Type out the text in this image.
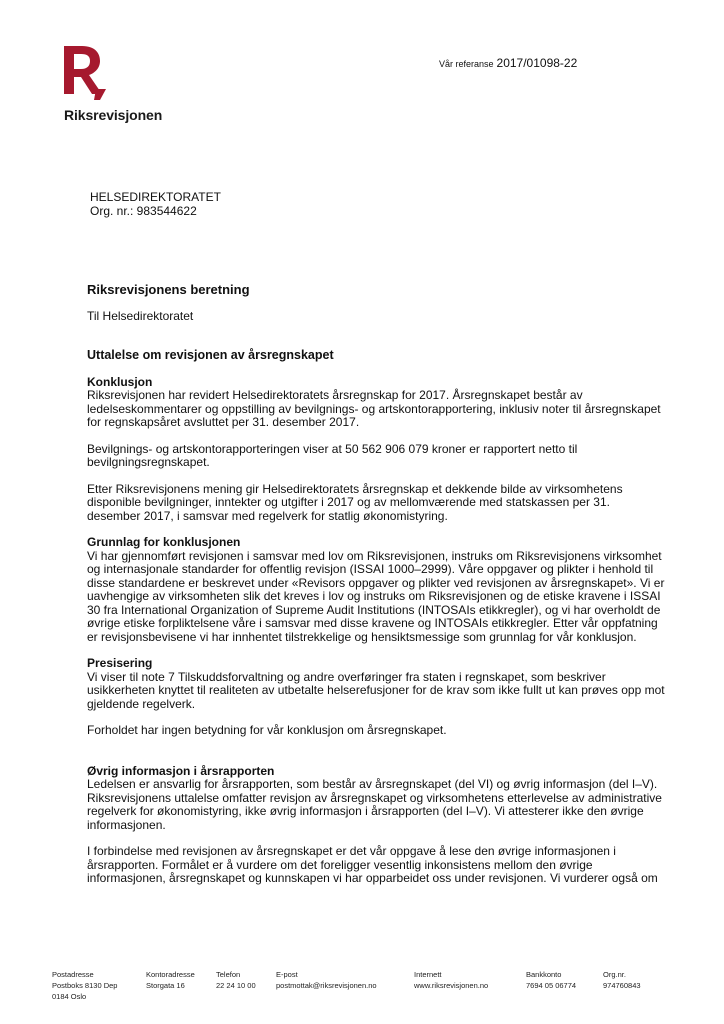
Riksrevisjonen
Vår referanse 2017/01098-22
HELSEDIREKTORATET
Org. nr.: 983544622

Riksrevisjonens beretning

Til Helsedirektoratet

Uttalelse om revisjonen av årsregnskapet

Konklusjon

Riksrevisjonen har revidert Helsedirektoratets årsregnskap for 2017. Årsregnskapet består av
ledelseskommentarer og oppstilling av bevilgnings- og artskontorapportering, inklusiv noter til årsregnskapet
for regnskapsåret avsluttet per 31. desember 2017.
Bevilgnings- og artskontorapporteringen viser at 50 562 906 079 kroner er rapportert netto til
bevilgningsregnskapet.
Etter Riksrevisjonens mening gir Helsedirektoratets årsregnskap et dekkende bilde av virksomhetens
disponible bevilgninger, inntekter og utgifter i 2017 og av mellomværende med statskassen per 31.
desember 2017, i samsvar med regelverk for statlig økonomistyring.

Grunnlag for konklusjonen

Vi har gjennomført revisjonen i samsvar med lov om Riksrevisjonen, instruks om Riksrevisjonens virksomhet
og internasjonale standarder for offentlig revisjon (ISSAI 1000–2999). Våre oppgaver og plikter i henhold til
disse standardene er beskrevet under «Revisors oppgaver og plikter ved revisjonen av årsregnskapet». Vi er
uavhengige av virksomheten slik det kreves i lov og instruks om Riksrevisjonen og de etiske kravene i ISSAI
30 fra International Organization of Supreme Audit Institutions (INTOSAIs etikkregler), og vi har overholdt de
øvrige etiske forpliktelsene våre i samsvar med disse kravene og INTOSAIs etikkregler. Etter vår oppfatning
er revisjonsbevisene vi har innhentet tilstrekkelige og hensiktsmessige som grunnlag for vår konklusjon.

Presisering

Vi viser til note 7 Tilskuddsforvaltning og andre overføringer fra staten i regnskapet, som beskriver
usikkerheten knyttet til realiteten av utbetalte helserefusjoner for de krav som ikke fullt ut kan prøves opp mot
gjeldende regelverk.
Forholdet har ingen betydning for vår konklusjon om årsregnskapet.

Øvrig informasjon i årsrapporten

Ledelsen er ansvarlig for årsrapporten, som består av årsregnskapet (del VI) og øvrig informasjon (del I–V).
Riksrevisjonens uttalelse omfatter revisjon av årsregnskapet og virksomhetens etterlevelse av administrative
regelverk for økonomistyring, ikke øvrig informasjon i årsrapporten (del I–V). Vi attesterer ikke den øvrige
informasjonen.
I forbindelse med revisjonen av årsregnskapet er det vår oppgave å lese den øvrige informasjonen i
årsrapporten. Formålet er å vurdere om det foreligger vesentlig inkonsistens mellom den øvrige
informasjonen, årsregnskapet og kunnskapen vi har opparbeidet oss under revisjonen. Vi vurderer også om
Postadresse
Postboks 8130 Dep
0184 Oslo
Kontoradresse
Storgata 16
Telefon
22 24 10 00
E-post
postmottak@riksrevisjonen.no
Internett
www.riksrevisjonen.no
Bankkonto
7694 05 06774
Org.nr.
974760843
